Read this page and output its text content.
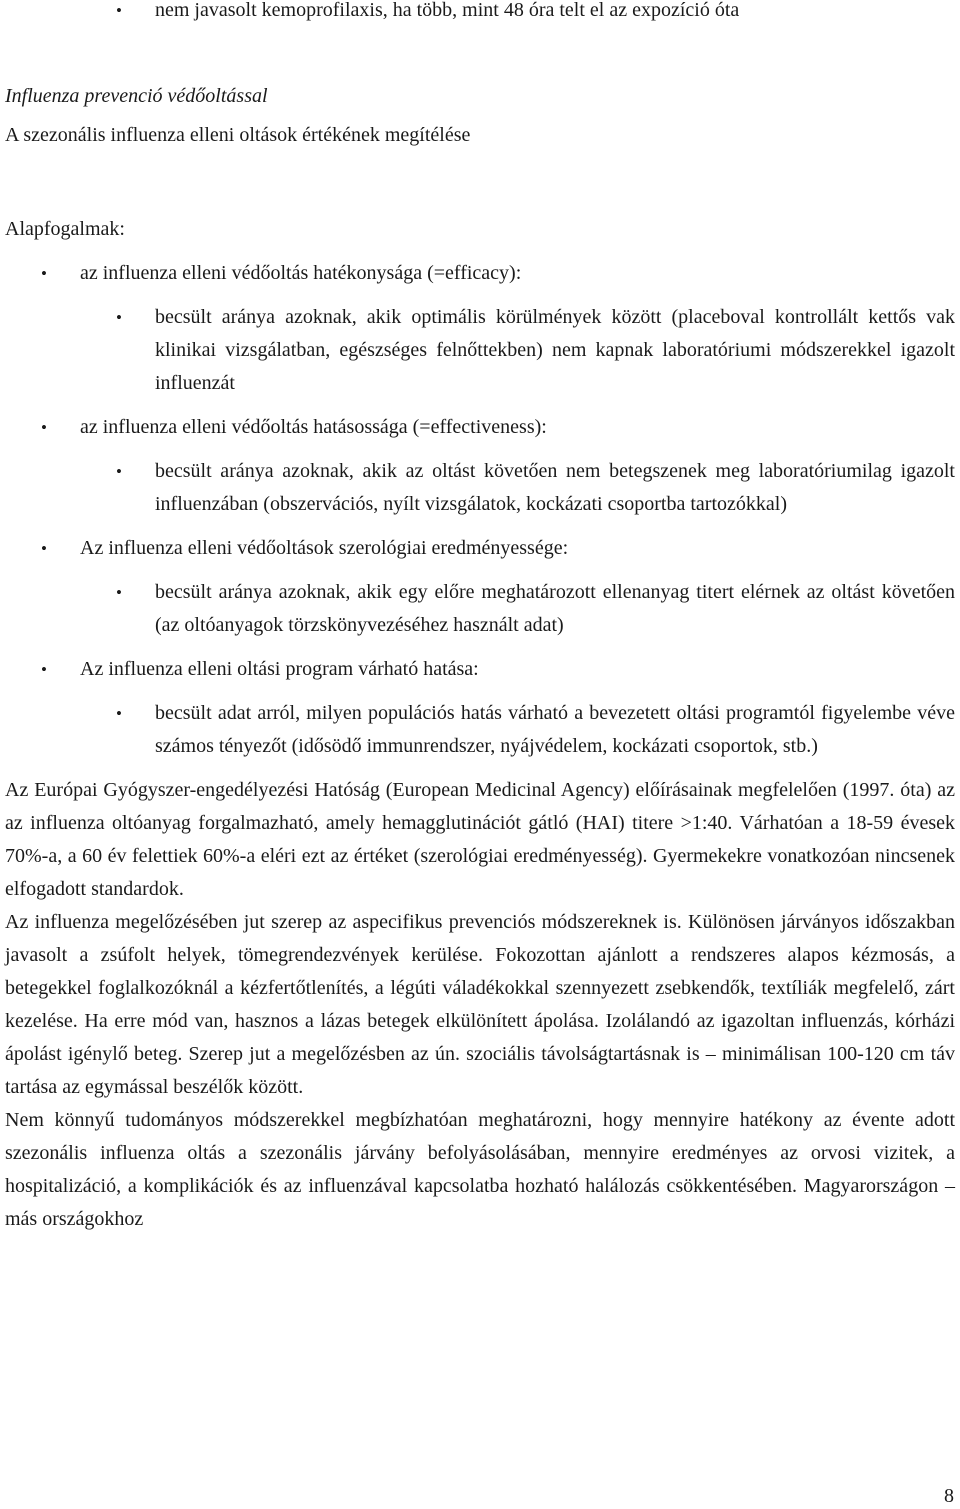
• nem javasolt kemoprofilaxis, ha több, mint 48 óra telt el az expozíció óta

Influenza prevenció védőoltással

A szezonális influenza elleni oltások értékének megítélése

Alapfogalmak:

• az influenza elleni védőoltás hatékonysága (=efficacy):
• becsült aránya azoknak, akik optimális körülmények között (placeboval kontrollált kettős vak klinikai vizsgálatban, egészséges felnőttekben) nem kapnak laboratóriumi módszerekkel igazolt influenzát
• az influenza elleni védőoltás hatásossága (=effectiveness):
• becsült aránya azoknak, akik az oltást követően nem betegszenek meg laboratóriumilag igazolt influenzában (obszervációs, nyílt vizsgálatok, kockázati csoportba tartozókkal)
• Az influenza elleni védőoltások szerológiai eredményessége:
• becsült aránya azoknak, akik egy előre meghatározott ellenanyag titert elérnek az oltást követően (az oltóanyagok törzskönyvezéséhez használt adat)
• Az influenza elleni oltási program várható hatása:
• becsült adat arról, milyen populációs hatás várható a bevezetett oltási programtól figyelembe véve számos tényezőt (idősödő immunrendszer, nyájvédelem, kockázati csoportok, stb.)

Az Európai Gyógyszer-engedélyezési Hatóság (European Medicinal Agency) előírásainak megfelelően (1997. óta) az az influenza oltóanyag forgalmazható, amely hemagglutinációt gátló (HAI) titere >1:40. Várhatóan a 18-59 évesek 70%-a, a 60 év felettiek 60%-a eléri ezt az értéket (szerológiai eredményesség). Gyermekekre vonatkozóan nincsenek elfogadott standardok.

Az influenza megelőzésében jut szerep az aspecifikus prevenciós módszereknek is. Különösen járványos időszakban javasolt a zsúfolt helyek, tömegrendezvények kerülése. Fokozottan ajánlott a rendszeres alapos kézmosás, a betegekkel foglalkozóknál a kézfertőtlenítés, a légúti váladékokkal szennyezett zsebkendők, textíliák megfelelő, zárt kezelése. Ha erre mód van, hasznos a lázas betegek elkülönített ápolása. Izolálandó az igazoltan influenzás, kórházi ápolást igénylő beteg. Szerep jut a megelőzésben az ún. szociális távolságtartásnak is – minimálisan 100-120 cm táv tartása az egymással beszélők között.

Nem könnyű tudományos módszerekkel megbízhatóan meghatározni, hogy mennyire hatékony az évente adott szezonális influenza oltás a szezonális járvány befolyásolásában, mennyire eredményes az orvosi vizitek, a hospitalizáció, a komplikációk és az influenzával kapcsolatba hozható halálozás csökkentésében. Magyarországon – más országokhoz

8
